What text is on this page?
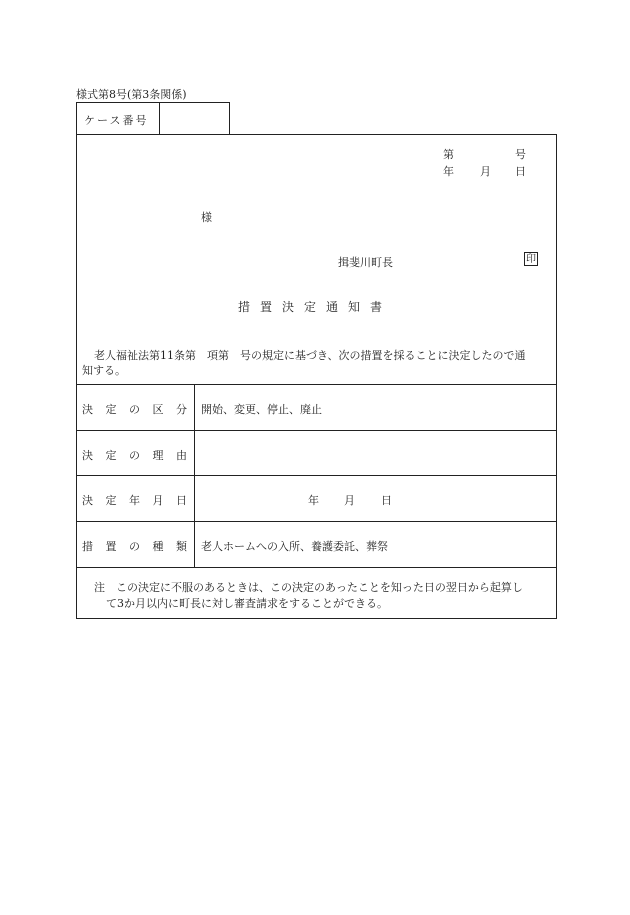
様式第8号(第3条関係)
ケース番号
第	号
年 月 日
様
揖斐川町長	印
措置決定通知書
老人福祉法第11条第　項第　号の規定に基づき、次の措置を採ることに決定したので通
知する。
決定の区分 開始、変更、停止、廃止
決定の理由
決定年月日	年 月 日
措置の種類 老人ホームへの入所、養護委託、葬祭
注　この決定に不服のあるときは、この決定のあったことを知った日の翌日から起算し
て3か月以内に町長に対し審査請求をすることができる。
